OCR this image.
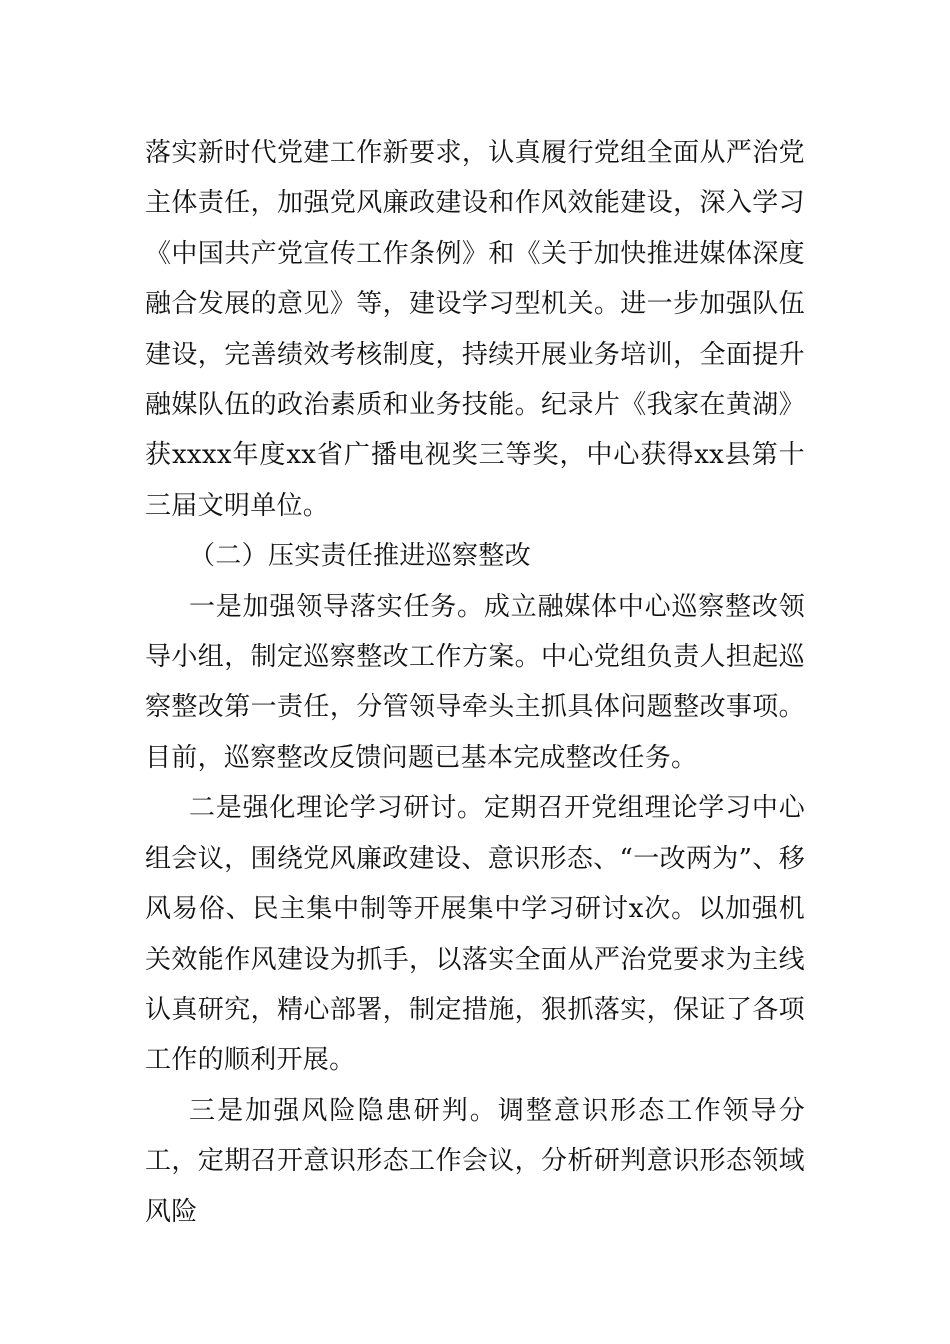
落实新时代党建工作新要求，认真履行党组全面从严治党主体责任，加强党风廉政建设和作风效能建设，深入学习《中国共产党宣传工作条例》和《关于加快推进媒体深度融合发展的意见》等，建设学习型机关。进一步加强队伍建设，完善绩效考核制度，持续开展业务培训，全面提升融媒队伍的政治素质和业务技能。纪录片《我家在黄湖》获xxxx年度xx省广播电视奖三等奖，中心获得xx县第十三届文明单位。

（二）压实责任推进巡察整改

一是加强领导落实任务。成立融媒体中心巡察整改领导小组，制定巡察整改工作方案。中心党组负责人担起巡察整改第一责任，分管领导牵头主抓具体问题整改事项。目前，巡察整改反馈问题已基本完成整改任务。

二是强化理论学习研讨。定期召开党组理论学习中心组会议，围绕党风廉政建设、意识形态、“一改两为”、移风易俗、民主集中制等开展集中学习研讨x次。以加强机关效能作风建设为抓手，以落实全面从严治党要求为主线认真研究，精心部署，制定措施，狠抓落实，保证了各项工作的顺利开展。

三是加强风险隐患研判。调整意识形态工作领导分工，定期召开意识形态工作会议，分析研判意识形态领域风险
